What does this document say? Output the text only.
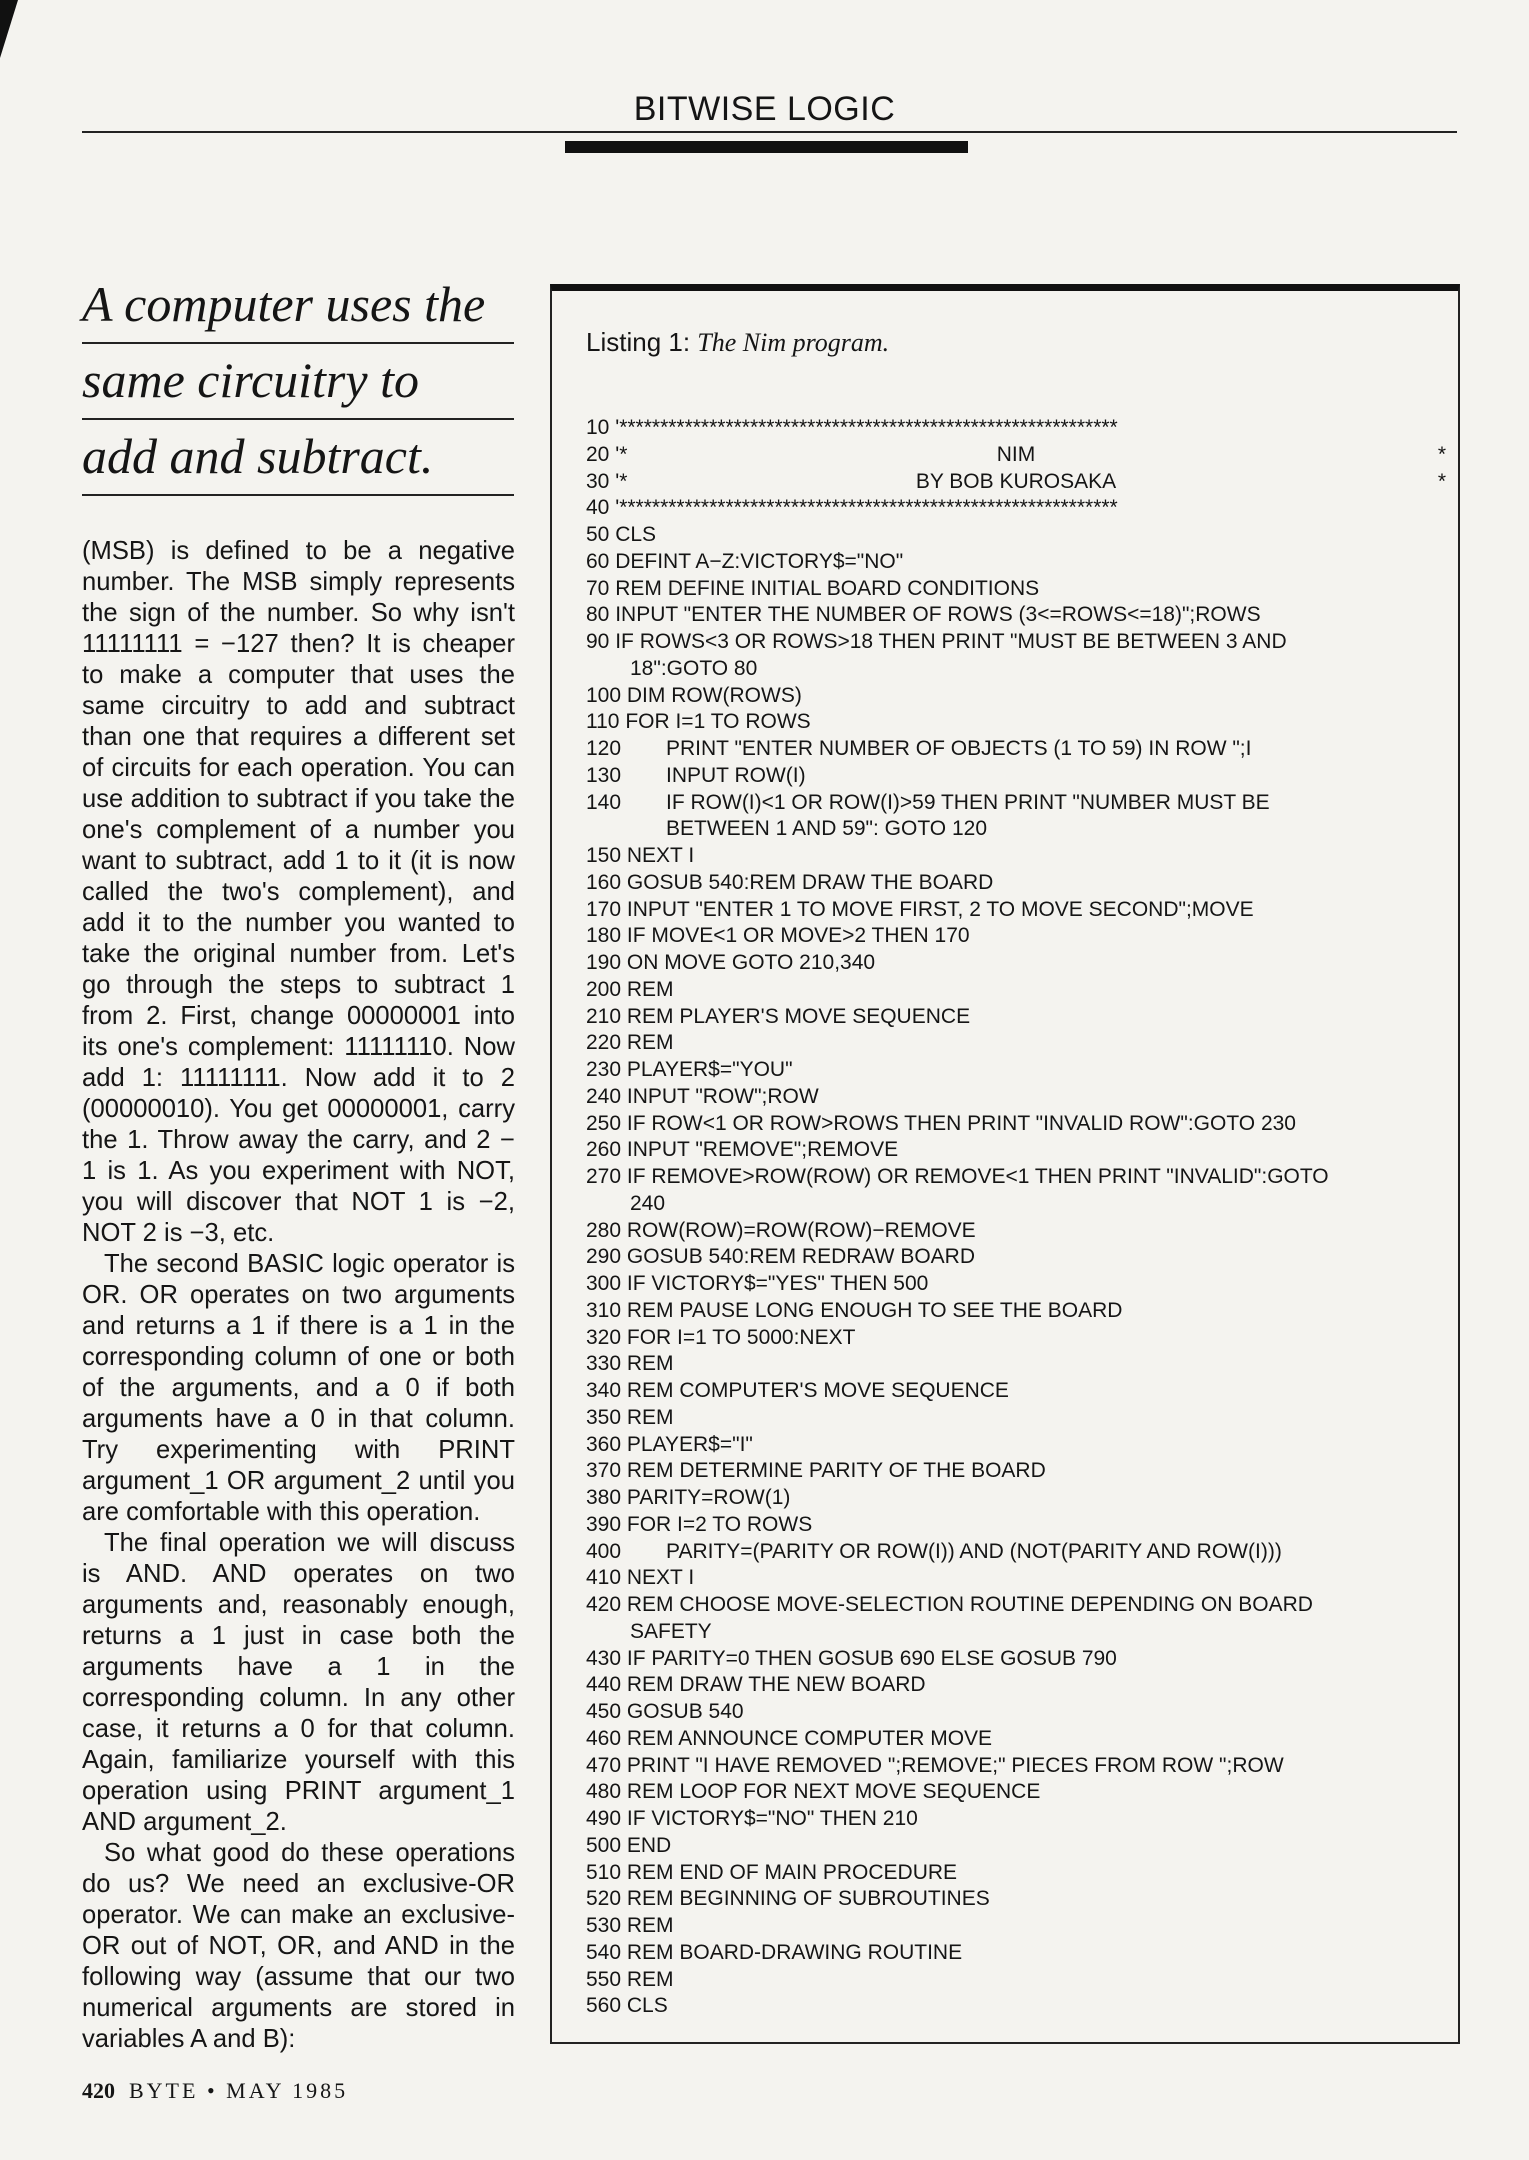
BITWISE LOGIC
A computer uses the
same circuitry to
add and subtract.

(MSB) is defined to be a negative number. The MSB simply represents the sign of the number. So why isn't 11111111 = −127 then? It is cheaper to make a computer that uses the same circuitry to add and subtract than one that requires a different set of circuits for each operation. You can use addition to subtract if you take the one's complement of a number you want to subtract, add 1 to it (it is now called the two's complement), and add it to the number you wanted to take the original number from. Let's go through the steps to subtract 1 from 2. First, change 00000001 into its one's complement: 11111110. Now add 1: 11111111. Now add it to 2 (00000010). You get 00000001, carry the 1. Throw away the carry, and 2 − 1 is 1. As you experiment with NOT, you will discover that NOT 1 is −2, NOT 2 is −3, etc.

The second BASIC logic operator is OR. OR operates on two arguments and returns a 1 if there is a 1 in the corresponding column of one or both of the arguments, and a 0 if both arguments have a 0 in that column. Try experimenting with PRINT argument_1 OR argument_2 until you are comfortable with this operation.

The final operation we will discuss is AND. AND operates on two arguments and, reasonably enough, returns a 1 just in case both the arguments have a 1 in the corresponding column. In any other case, it returns a 0 for that column. Again, familiarize yourself with this operation using PRINT argument_1 AND argument_2.

So what good do these operations do us? We need an exclusive-OR operator. We can make an exclusive-OR out of NOT, OR, and AND in the following way (assume that our two numerical arguments are stored in variables A and B):

Listing 1: The Nim program.
10 '*************************************************************
20 '*	NIM	*
30 '*	BY BOB KUROSAKA	*
40 '*************************************************************
50 CLS
60 DEFINT A−Z:VICTORY$="NO"
70 REM DEFINE INITIAL BOARD CONDITIONS
80 INPUT "ENTER THE NUMBER OF ROWS (3<=ROWS<=18)";ROWS
90 IF ROWS<3 OR ROWS>18 THEN PRINT "MUST BE BETWEEN 3 AND
18":GOTO 80
100 DIM ROW(ROWS)
110 FOR I=1 TO ROWS
120 PRINT "ENTER NUMBER OF OBJECTS (1 TO 59) IN ROW ";I
130 INPUT ROW(I)
140 IF ROW(I)<1 OR ROW(I)>59 THEN PRINT "NUMBER MUST BE
BETWEEN 1 AND 59": GOTO 120
150 NEXT I
160 GOSUB 540:REM DRAW THE BOARD
170 INPUT "ENTER 1 TO MOVE FIRST, 2 TO MOVE SECOND";MOVE
180 IF MOVE<1 OR MOVE>2 THEN 170
190 ON MOVE GOTO 210,340
200 REM
210 REM PLAYER'S MOVE SEQUENCE
220 REM
230 PLAYER$="YOU"
240 INPUT "ROW";ROW
250 IF ROW<1 OR ROW>ROWS THEN PRINT "INVALID ROW":GOTO 230
260 INPUT "REMOVE";REMOVE
270 IF REMOVE>ROW(ROW) OR REMOVE<1 THEN PRINT "INVALID":GOTO
240
280 ROW(ROW)=ROW(ROW)−REMOVE
290 GOSUB 540:REM REDRAW BOARD
300 IF VICTORY$="YES" THEN 500
310 REM PAUSE LONG ENOUGH TO SEE THE BOARD
320 FOR I=1 TO 5000:NEXT
330 REM
340 REM COMPUTER'S MOVE SEQUENCE
350 REM
360 PLAYER$="I"
370 REM DETERMINE PARITY OF THE BOARD
380 PARITY=ROW(1)
390 FOR I=2 TO ROWS
400 PARITY=(PARITY OR ROW(I)) AND (NOT(PARITY AND ROW(I)))
410 NEXT I
420 REM CHOOSE MOVE-SELECTION ROUTINE DEPENDING ON BOARD
SAFETY
430 IF PARITY=0 THEN GOSUB 690 ELSE GOSUB 790
440 REM DRAW THE NEW BOARD
450 GOSUB 540
460 REM ANNOUNCE COMPUTER MOVE
470 PRINT "I HAVE REMOVED ";REMOVE;" PIECES FROM ROW ";ROW
480 REM LOOP FOR NEXT MOVE SEQUENCE
490 IF VICTORY$="NO" THEN 210
500 END
510 REM END OF MAIN PROCEDURE
520 REM BEGINNING OF SUBROUTINES
530 REM
540 REM BOARD-DRAWING ROUTINE
550 REM
560 CLS
420 BYTE • MAY 1985
